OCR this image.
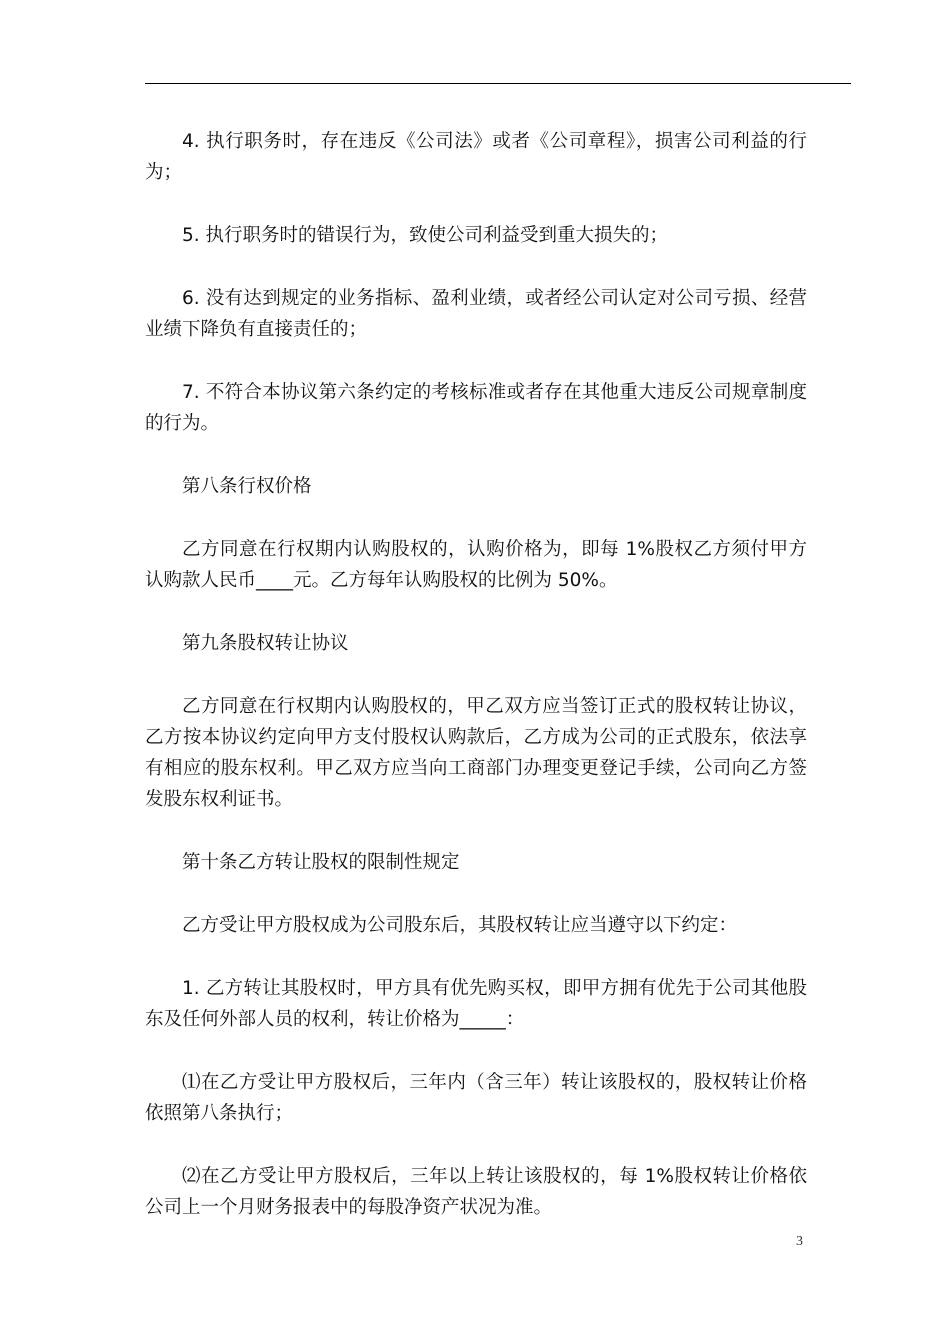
4. 执行职务时，存在违反《公司法》或者《公司章程》，损害公司利益的行为；

5. 执行职务时的错误行为，致使公司利益受到重大损失的；

6. 没有达到规定的业务指标、盈利业绩，或者经公司认定对公司亏损、经营业绩下降负有直接责任的；

7. 不符合本协议第六条约定的考核标准或者存在其他重大违反公司规章制度的行为。

第八条行权价格

乙方同意在行权期内认购股权的，认购价格为，即每 1%股权乙方须付甲方认购款人民币____元。乙方每年认购股权的比例为 50%。

第九条股权转让协议

乙方同意在行权期内认购股权的，甲乙双方应当签订正式的股权转让协议，乙方按本协议约定向甲方支付股权认购款后，乙方成为公司的正式股东，依法享有相应的股东权利。甲乙双方应当向工商部门办理变更登记手续，公司向乙方签发股东权利证书。

第十条乙方转让股权的限制性规定

乙方受让甲方股权成为公司股东后，其股权转让应当遵守以下约定：

1. 乙方转让其股权时，甲方具有优先购买权，即甲方拥有优先于公司其他股东及任何外部人员的权利，转让价格为_____：

⑴在乙方受让甲方股权后，三年内（含三年）转让该股权的，股权转让价格依照第八条执行；

⑵在乙方受让甲方股权后，三年以上转让该股权的，每 1%股权转让价格依公司上一个月财务报表中的每股净资产状况为准。

3
